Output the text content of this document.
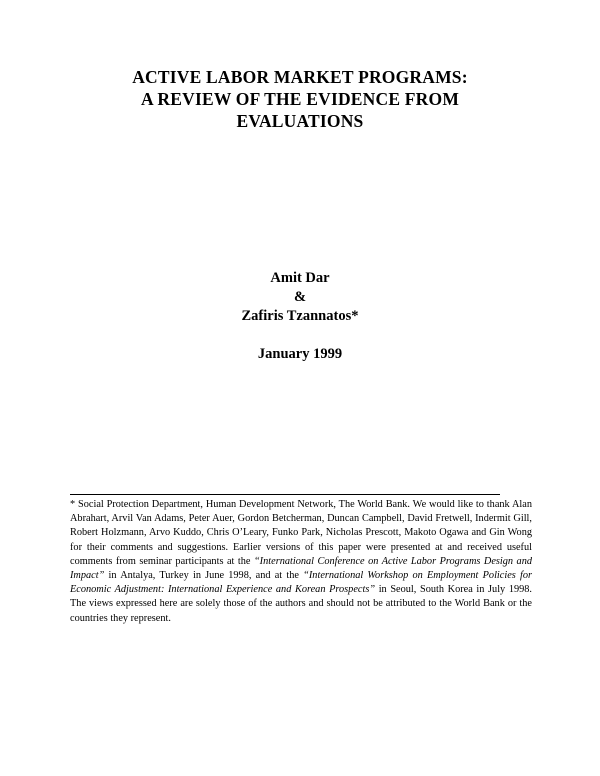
ACTIVE LABOR MARKET PROGRAMS:
A REVIEW OF THE EVIDENCE FROM
EVALUATIONS
Amit Dar
&
Zafiris Tzannatos*
January 1999

* Social Protection Department, Human Development Network, The World Bank. We would like to thank Alan Abrahart, Arvil Van Adams, Peter Auer, Gordon Betcherman, Duncan Campbell, David Fretwell, Indermit Gill, Robert Holzmann, Arvo Kuddo, Chris O’Leary, Funko Park, Nicholas Prescott, Makoto Ogawa and Gin Wong for their comments and suggestions. Earlier versions of this paper were presented at and received useful comments from seminar participants at the “International Conference on Active Labor Programs Design and Impact” in Antalya, Turkey in June 1998, and at the “International Workshop on Employment Policies for Economic Adjustment: International Experience and Korean Prospects” in Seoul, South Korea in July 1998. The views expressed here are solely those of the authors and should not be attributed to the World Bank or the countries they represent.
